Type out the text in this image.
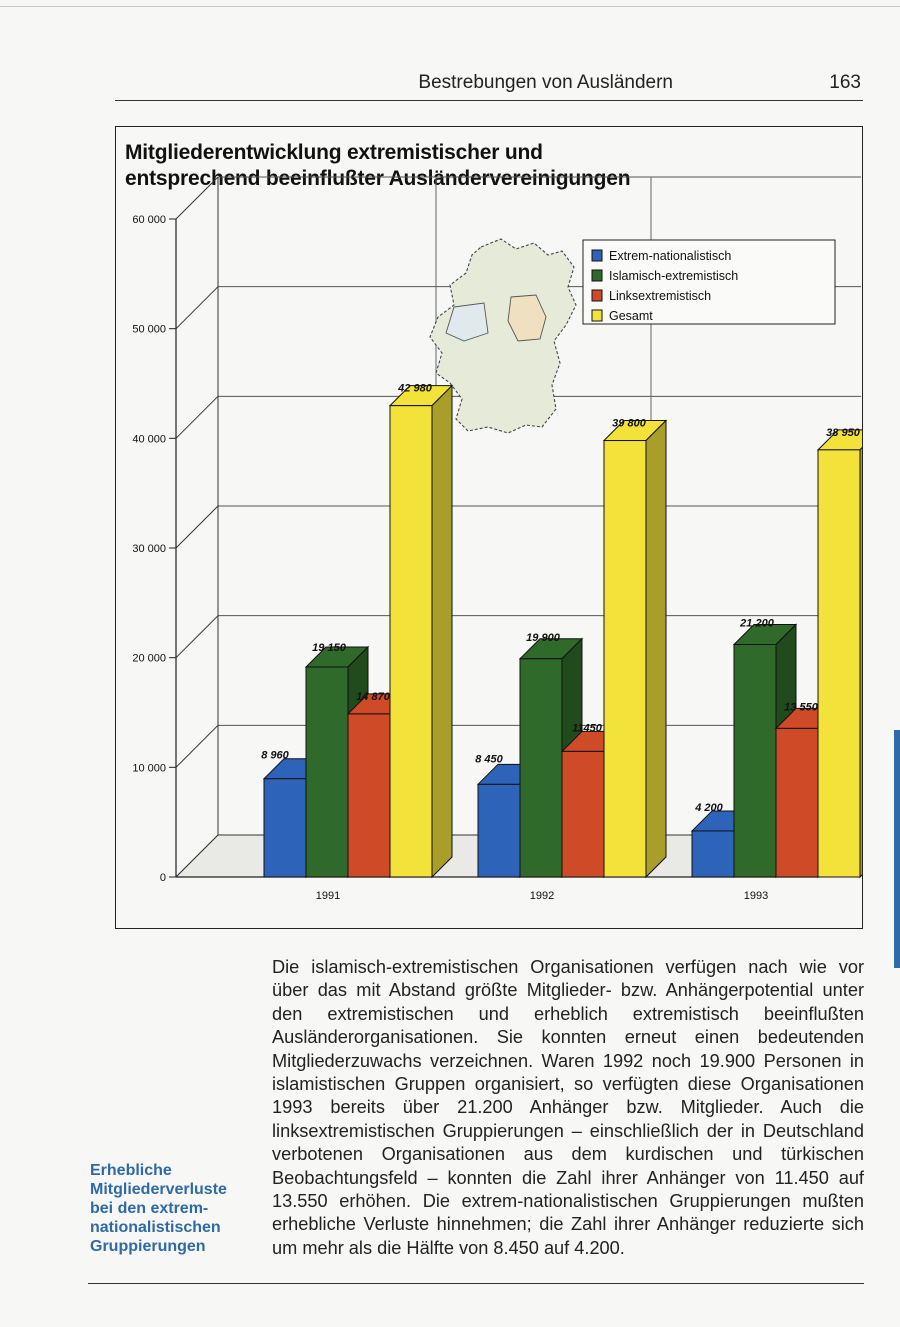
Bestrebungen von Ausländern	163
Mitgliederentwicklung extremistischer und
entsprechend beeinflußter Ausländervereinigungen
0
10 000
20 000
30 000
40 000
50 000
60 000
8 960
19 150
14 870
42 980
1991
8 450
19 900
11450
39 800
1992
4 200
21 200
13 550
38 950
1993
Extrem-nationalistisch
Islamisch-extremistisch
Linksextremistisch
Gesamt
Erhebliche
Mitgliederverluste
bei den extrem-
nationalistischen
Gruppierungen
Die islamisch-extremistischen Organisationen verfügen nach wie vor über das mit Abstand größte Mitglieder- bzw. Anhängerpotential unter den extremistischen und erheblich extremistisch beeinflußten Ausländerorganisationen. Sie konnten erneut einen bedeutenden Mitgliederzuwachs verzeichnen. Waren 1992 noch 19.900 Personen in islamistischen Gruppen organisiert, so verfügten diese Organisationen 1993 bereits über 21.200 Anhänger bzw. Mitglieder. Auch die linksextremistischen Gruppierungen – einschließlich der in Deutschland verbotenen Organisationen aus dem kurdischen und türkischen Beobachtungsfeld – konnten die Zahl ihrer Anhänger von 11.450 auf 13.550 erhöhen. Die extrem-nationalistischen Gruppierungen mußten erhebliche Verluste hinnehmen; die Zahl ihrer Anhänger reduzierte sich um mehr als die Hälfte von 8.450 auf 4.200.
